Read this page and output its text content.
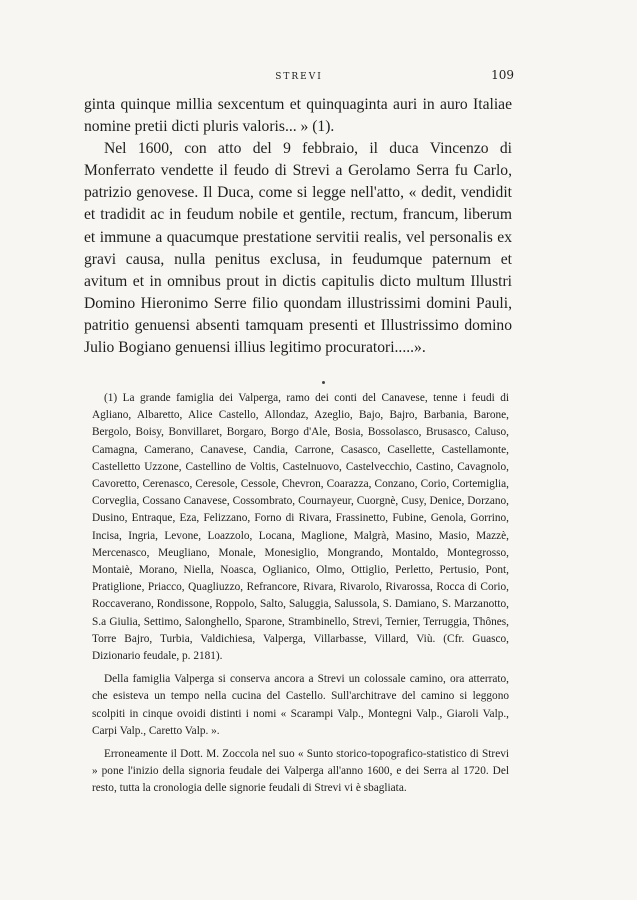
STREVI	109

ginta quinque millia sexcentum et quinquaginta auri in auro Italiae nomine pretii dicti pluris valoris... » (1).

Nel 1600, con atto del 9 febbraio, il duca Vincenzo di Monferrato vendette il feudo di Strevi a Gerolamo Serra fu Carlo, patrizio genovese. Il Duca, come si legge nell'atto, « dedit, vendidit et tradidit ac in feudum nobile et gentile, rectum, francum, liberum et immune a quacumque prestatione servitii realis, vel personalis ex gravi causa, nulla penitus exclusa, in feudumque paternum et avitum et in omnibus prout in dictis capitulis dicto multum Illustri Domino Hieronimo Serre filio quondam illustrissimi domini Pauli, patritio genuensi absenti tamquam presenti et Illustrissimo domino Julio Bogiano genuensi illius legitimo procuratori.....».

(1) La grande famiglia dei Valperga, ramo dei conti del Canavese, tenne i feudi di Agliano, Albaretto, Alice Castello, Allondaz, Azeglio, Bajo, Bajro, Barbania, Barone, Bergolo, Boisy, Bonvillaret, Borgaro, Borgo d'Ale, Bosia, Bossolasco, Brusasco, Caluso, Camagna, Camerano, Canavese, Candia, Carrone, Casasco, Casellette, Castellamonte, Castelletto Uzzone, Castellino de Voltis, Castelnuovo, Castelvecchio, Castino, Cavagnolo, Cavoretto, Cerenasco, Ceresole, Cessole, Chevron, Coarazza, Conzano, Corio, Cortemiglia, Corveglia, Cossano Canavese, Cossombrato, Cournayeur, Cuorgnè, Cusy, Denice, Dorzano, Dusino, Entraque, Eza, Felizzano, Forno di Rivara, Frassinetto, Fubine, Genola, Gorrino, Incisa, Ingria, Levone, Loazzolo, Locana, Maglione, Malgrà, Masino, Masio, Mazzè, Mercenasco, Meugliano, Monale, Monesiglio, Mongrando, Montaldo, Montegrosso, Montaiè, Morano, Niella, Noasca, Oglianico, Olmo, Ottiglio, Perletto, Pertusio, Pont, Pratiglione, Priacco, Quagliuzzo, Refrancore, Rivara, Rivarolo, Rivarossa, Rocca di Corio, Roccaverano, Rondissone, Roppolo, Salto, Saluggia, Salussola, S. Damiano, S. Marzanotto, S.a Giulia, Settimo, Salonghello, Sparone, Strambinello, Strevi, Ternier, Terruggia, Thônes, Torre Bajro, Turbia, Valdichiesa, Valperga, Villarbasse, Villard, Viù. (Cfr. Guasco, Dizionario feudale, p. 2181).

Della famiglia Valperga si conserva ancora a Strevi un colossale camino, ora atterrato, che esisteva un tempo nella cucina del Castello. Sull'architrave del camino si leggono scolpiti in cinque ovoidi distinti i nomi « Scarampi Valp., Montegni Valp., Giaroli Valp., Carpi Valp., Caretto Valp. ».

Erroneamente il Dott. M. Zoccola nel suo « Sunto storico-topografico-statistico di Strevi » pone l'inizio della signoria feudale dei Valperga all'anno 1600, e dei Serra al 1720. Del resto, tutta la cronologia delle signorie feudali di Strevi vi è sbagliata.
